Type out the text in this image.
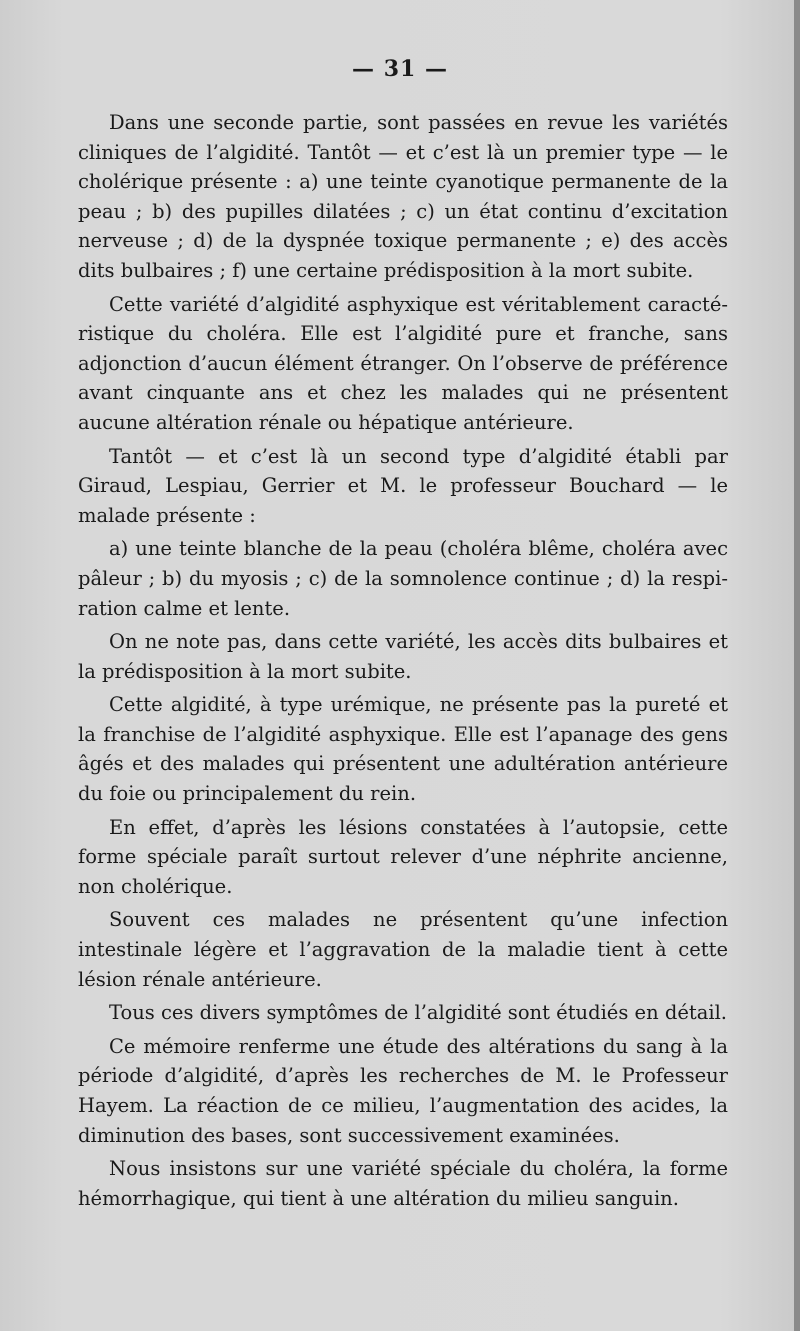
— 31 —

Dans une seconde partie, sont passées en revue les variétés cliniques de l’algidité. Tantôt — et c’est là un premier type — le cholérique présente : a) une teinte cyanotique permanente de la peau ; b) des pupilles dilatées ; c) un état continu d’excitation nerveuse ; d) de la dyspnée toxique permanente ; e) des accès dits bulbaires ; f) une certaine prédisposition à la mort subite.

Cette variété d’algidité asphyxique est véritablement caractéristique du choléra. Elle est l’algidité pure et franche, sans adjonction d’aucun élément étranger. On l’observe de préférence avant cinquante ans et chez les malades qui ne présentent aucune altération rénale ou hépatique antérieure.

Tantôt — et c’est là un second type d’algidité établi par Giraud, Lespiau, Gerrier et M. le professeur Bouchard — le malade présente :

a) une teinte blanche de la peau (choléra blême, choléra avec pâleur ; b) du myosis ; c) de la somnolence continue ; d) la respiration calme et lente.

On ne note pas, dans cette variété, les accès dits bulbaires et la prédisposition à la mort subite.

Cette algidité, à type urémique, ne présente pas la pureté et la franchise de l’algidité asphyxique. Elle est l’apanage des gens âgés et des malades qui présentent une adultération antérieure du foie ou principalement du rein.

En effet, d’après les lésions constatées à l’autopsie, cette forme spéciale paraît surtout relever d’une néphrite ancienne, non cholérique.

Souvent ces malades ne présentent qu’une infection intestinale légère et l’aggravation de la maladie tient à cette lésion rénale antérieure.

Tous ces divers symptômes de l’algidité sont étudiés en détail.

Ce mémoire renferme une étude des altérations du sang à la période d’algidité, d’après les recherches de M. le Professeur Hayem. La réaction de ce milieu, l’augmentation des acides, la diminution des bases, sont successivement examinées.

Nous insistons sur une variété spéciale du choléra, la forme hémorrhagique, qui tient à une altération du milieu sanguin.
